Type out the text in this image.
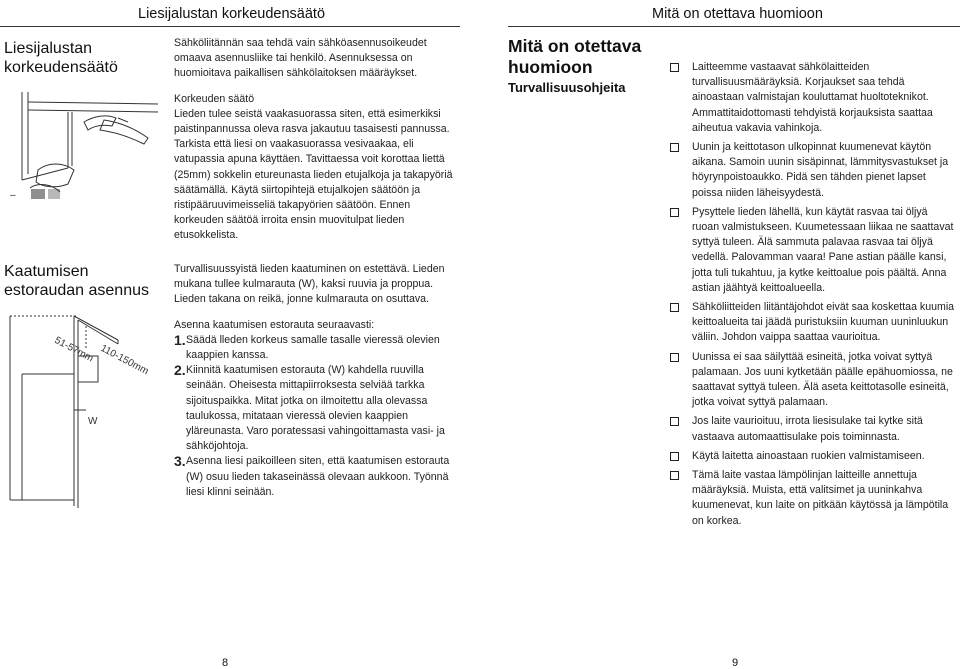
Liesijalustan korkeudensäätö	Mitä on otettava huomioon
Liesijalustan
korkeudensäätö
–

Sähköliitännän saa tehdä vain sähköasennusoikeudet omaava asennusliike tai henkilö. Asennuksessa on huomioitava paikallisen sähkölaitoksen määräykset.

Korkeuden säätö

Lieden tulee seistä vaakasuorassa siten, että esimerkiksi paistinpannussa oleva rasva jakautuu tasaisesti pannussa. Tarkista että liesi on vaakasuorassa vesivaakaa, eli vatupassia apuna käyttäen. Tavittaessa voit korottaa liettä (25mm) sokkelin etureunasta lieden etujalkoja ja takapyöriä säätämällä. Käytä siirtopihtejä etujalkojen säätöön ja ristipääruuvimeisseliä takapyörien säätöön. Ennen korkeuden säätöä irroita ensin muovitulpat lieden etusokkelista.

Kaatumisen
estoraudan asennus
51-57mm 110-150mm
W

Turvallisuussyistä lieden kaatuminen on estettävä. Lieden mukana tullee kulmarauta (W), kaksi ruuvia ja proppua. Lieden takana on reikä, jonne kulmarauta on osuttava.

Asenna kaatumisen estorauta seuraavasti:

1. Säädä lleden korkeus samalle tasalle vieressä olevien kaappien kanssa.
2. Kiinnitä kaatumisen estorauta (W) kahdella ruuvilla seinään. Oheisesta mittapiirroksesta selviää tarkka sijoituspaikka. Mitat jotka on ilmoitettu alla olevassa taulukossa, mitataan vieressä olevien kaappien yläreunasta. Varo poratessasi vahingoittamasta vasi- ja sähköjohtoja.
3. Asenna liesi paikoilleen siten, että kaatumisen estorauta (W) osuu lieden takaseinässä olevaan aukkoon. Työnnä liesi klinni seinään.
Mitä on otettava
huomioon
Turvallisuusohjeita
Laitteemme vastaavat sähkölaitteiden turvallisuusmääräyksiä. Korjaukset saa tehdä ainoastaan valmistajan kouluttamat huoltoteknikot. Ammattitaidottomasti tehdyistä korjauksista saattaa aiheutua vakavia vahinkoja.
Uunin ja keittotason ulkopinnat kuumenevat käytön aikana. Samoin uunin sisäpinnat, lämmitysvastukset ja höyrynpoistoaukko. Pidä sen tähden pienet lapset poissa niiden läheisyydestä.
Pysyttele lieden lähellä, kun käytät rasvaa tai öljyä ruoan valmistukseen. Kuumetessaan liikaa ne saattavat syttyä tuleen. Älä sammuta palavaa rasvaa tai öljyä vedellä. Palovamman vaara! Pane astian päälle kansi, jotta tuli tukahtuu, ja kytke keittoalue pois päältä. Anna astian jäähtyä keittoalueella.
Sähköliitteiden liitäntäjohdot eivät saa koskettaa kuumia keittoalueita tai jäädä puristuksiin kuuman uuninluukun väliin. Johdon vaippa saattaa vaurioitua.
Uunissa ei saa säilyttää esineitä, jotka voivat syttyä palamaan. Jos uuni kytketään päälle epähuomiossa, ne saattavat syttyä tuleen. Älä aseta keittotasolle esineitä, jotka voivat syttyä palamaan.
Jos laite vaurioituu, irrota liesisulake tai kytke sitä vastaava automaattisulake pois toiminnasta.
Käytä laitetta ainoastaan ruokien valmistamiseen.
Tämä laite vastaa lämpölinjan laitteille annettuja määräyksiä. Muista, että valitsimet ja uuninkahva kuumenevat, kun laite on pitkään käytössä ja lämpötila on korkea.
8	9
